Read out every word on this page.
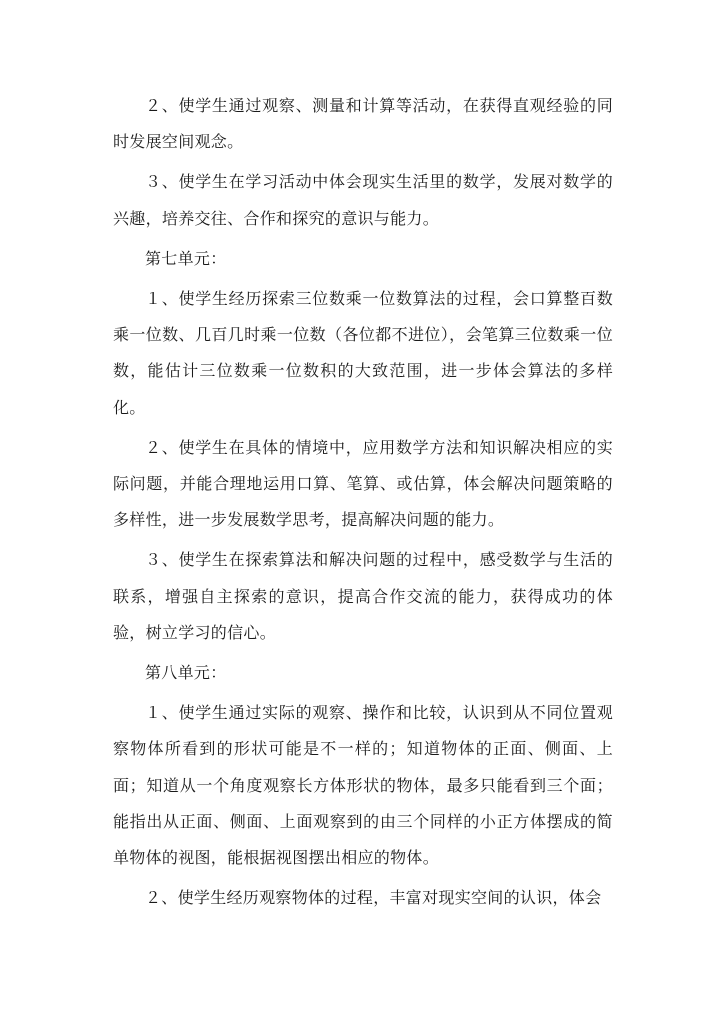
２、使学生通过观察、测量和计算等活动，在获得直观经验的同时发展空间观念。

３、使学生在学习活动中体会现实生活里的数学，发展对数学的兴趣，培养交往、合作和探究的意识与能力。

第七单元：

１、使学生经历探索三位数乘一位数算法的过程，会口算整百数乘一位数、几百几时乘一位数（各位都不进位），会笔算三位数乘一位数，能估计三位数乘一位数积的大致范围，进一步体会算法的多样化。

２、使学生在具体的情境中，应用数学方法和知识解决相应的实际问题，并能合理地运用口算、笔算、或估算，体会解决问题策略的多样性，进一步发展数学思考，提高解决问题的能力。

３、使学生在探索算法和解决问题的过程中，感受数学与生活的联系，增强自主探索的意识，提高合作交流的能力，获得成功的体验，树立学习的信心。

第八单元：

１、使学生通过实际的观察、操作和比较，认识到从不同位置观察物体所看到的形状可能是不一样的；知道物体的正面、侧面、上面；知道从一个角度观察长方体形状的物体，最多只能看到三个面；能指出从正面、侧面、上面观察到的由三个同样的小正方体摆成的简单物体的视图，能根据视图摆出相应的物体。

２、使学生经历观察物体的过程，丰富对现实空间的认识，体会
